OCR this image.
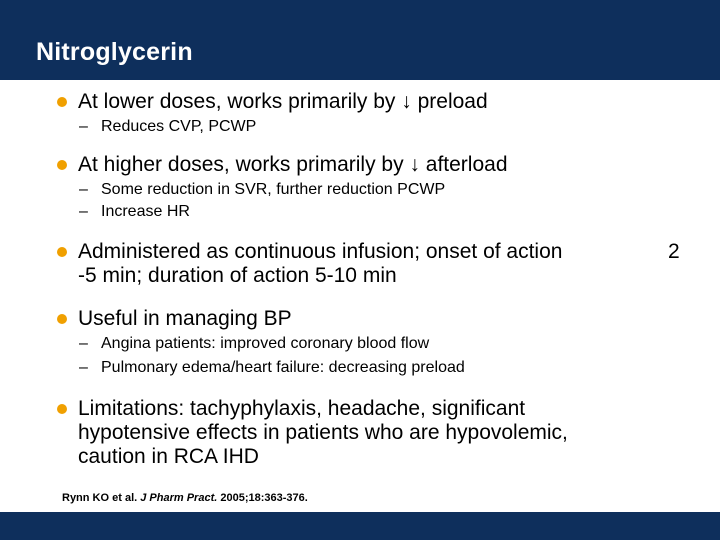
Nitroglycerin
At lower doses, works primarily by ↓ preload
– Reduces CVP, PCWP
At higher doses, works primarily by ↓ afterload
– Some reduction in SVR, further reduction PCWP
– Increase HR
Administered as continuous infusion; onset of action
-5 min; duration of action 5-10 min
2
Useful in managing BP
– Angina patients: improved coronary blood flow
– Pulmonary edema/heart failure: decreasing preload
Limitations: tachyphylaxis, headache, significant
hypotensive effects in patients who are hypovolemic,
caution in RCA IHD
Rynn KO et al. J Pharm Pract. 2005;18:363-376.
